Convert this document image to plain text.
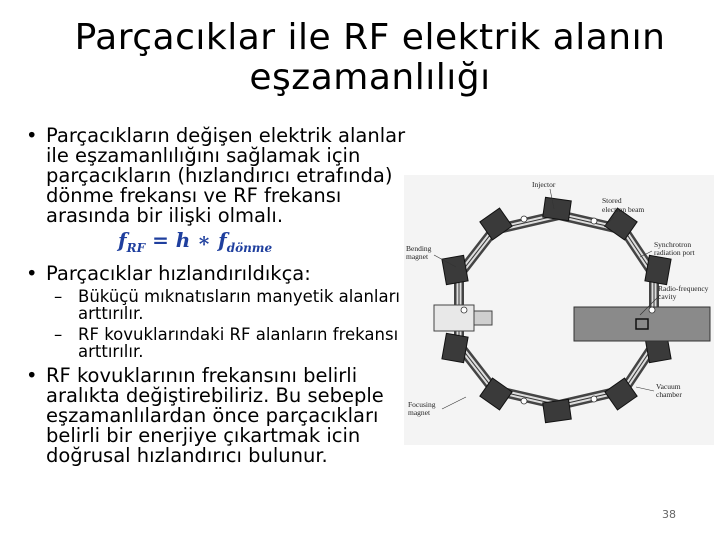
Parçacıklar ile RF elektrik alanın
eşzamanlılığı
• Parçacıkların değişen elektrik alanlar ile eşzamanlılığını sağlamak için parçacıkların (hızlandırıcı etrafında) dönme frekansı ve RF frekansı arasında bir ilişki olmalı.
$f_{RF} = h$ ∗ $f_{dönme}$
• Parçacıklar hızlandırıldıkça:
– Büküçü mıknatısların manyetik alanları arttırılır.
– RF kovuklarındaki RF alanların frekansı arttırılır.
• RF kovuklarının frekansını belirli aralıkta değiştirebiliriz. Bu sebeple eşzamanlılardan önce parçacıkları belirli bir enerjiye çıkartmak icin doğrusal hızlandırıcı bulunur.
Injector
Stored
electron beam
Bending
magnet
Synchrotron
radiation port
Radio-frequency
cavity
Vacuum
chamber
Focusing
magnet
38
